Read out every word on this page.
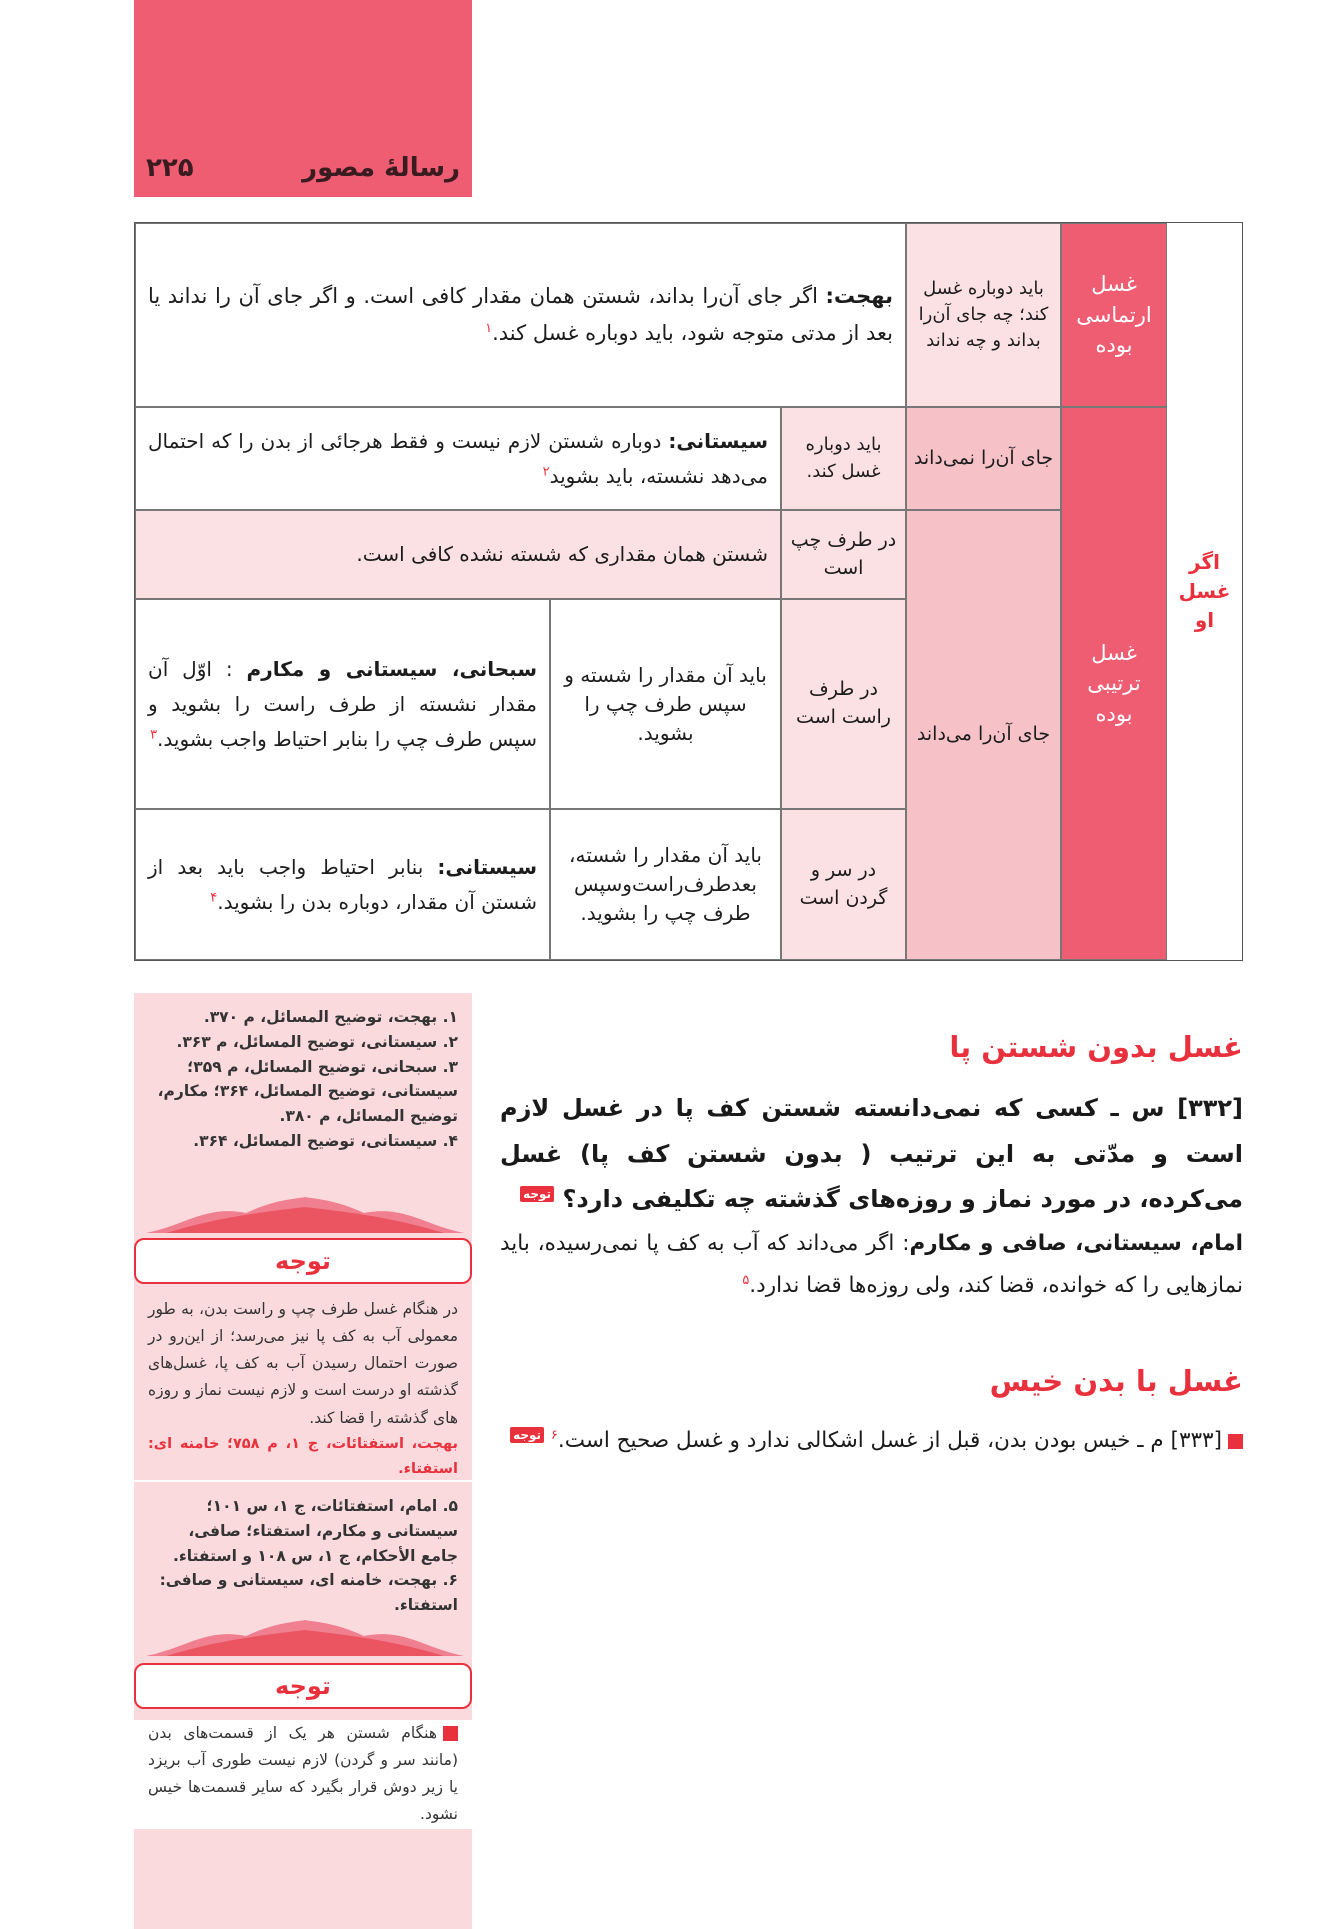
رسالهٔ مصور
۲۲۵
اگر غسل او
غسل ارتماسی بوده
باید دوباره غسل کند؛ چه جای آن‌را بداند و چه نداند
بهجت: اگر جای آن‌را بداند، شستن همان مقدار کافی است. و اگر جای آن را نداند یا بعد از مدتی متوجه شود، باید دوباره غسل کند.$^۱$
غسل ترتیبی بوده
جای آن‌را نمی‌داند
باید دوباره غسل کند.
سیستانی: دوباره شستن لازم نیست و فقط هرجائی از بدن را که احتمال می‌دهد نشسته، باید بشوید$^۲$
جای آن‌را می‌داند
در طرف چپ است
شستن همان مقداری که شسته نشده کافی است.
در طرف راست است
باید آن مقدار را شسته و سپس طرف چپ را بشوید.
سبحانی، سیستانی و مکارم : اوّل آن مقدار نشسته از طرف راست را بشوید و سپس طرف چپ را بنابر احتیاط واجب بشوید.$^۳$
در سر و گردن است
باید آن مقدار را شسته، بعدطرف‌راست‌وسپس طرف چپ را بشوید.
سیستانی: بنابر احتیاط واجب باید بعد از شستن آن مقدار، دوباره بدن را بشوید.$^۴$

۱. بهجت، توضیح المسائل، م ۳۷۰.

۲. سیستانی، توضیح المسائل، م ۳۶۳.

۳. سبحانی، توضیح المسائل، م ۳۵۹؛ سیستانی، توضیح المسائل، ۳۶۴؛ مکارم، توضیح المسائل، م ۳۸۰.

۴. سیستانی، توضیح المسائل، ۳۶۴.

توجه
در هنگام غسل طرف چپ و راست بدن، به طور معمولی آب به کف پا نیز می‌رسد؛ از این‌رو در صورت احتمال رسیدن آب به کف پا، غسل‌های گذشته او درست است و لازم نیست نماز و روزه های گذشته را قضا کند.
بهجت، استفتائات، ج ۱، م ۷۵۸؛ خامنه ای: استفتاء.

۵. امام، استفتائات، ج ۱، س ۱۰۱؛ سیستانی و مکارم، استفتاء؛ صافی، جامع الأحکام، ج ۱، س ۱۰۸ و استفتاء.

۶. بهجت، خامنه ای، سیستانی و صافی: استفتاء.

توجه
هنگام شستن هر یک از قسمت‌های بدن (مانند سر و گردن) لازم نیست طوری آب بریزد یا زیر دوش قرار بگیرد که سایر قسمت‌ها خیس نشود.
غسل بدون شستن پا
[۳۳۲] س ـ کسی که نمی‌دانسته شستن کف پا در غسل لازم است و مدّتی به این ترتیب ( بدون شستن کف پا) غسل می‌کرده، در مورد نماز و روزه‌های گذشته چه تکلیفی دارد؟ توجه
امام، سیستانی، صافی و مکارم: اگر می‌داند که آب به کف پا نمی‌رسیده، باید نمازهایی را که خوانده، قضا کند، ولی روزه‌ها قضا ندارد.$^۵$
غسل با بدن خیس
[۳۳۳] م ـ خیس بودن بدن، قبل از غسل اشکالی ندارد و غسل صحیح است.$^۶$ توجه
